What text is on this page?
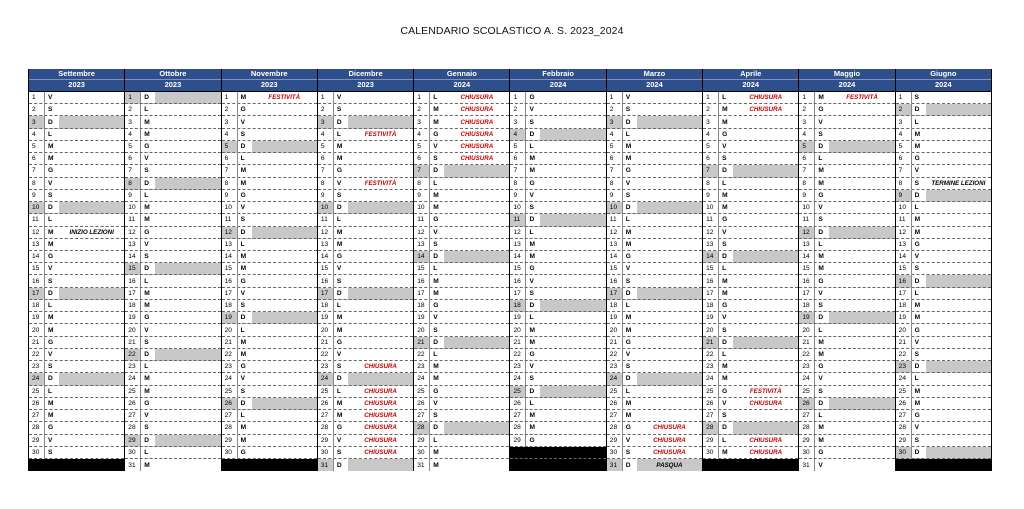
CALENDARIO SCOLASTICO A. S. 2023_2024
Settembre
2023
1	V
2	S
3	D
4	L
5	M
6	M
7	G
8	V
9	S
10	D
11	L
12	M	INIZIO LEZIONI
13	M
14	G
15	V
16	S
17	D
18	L
19	M
20	M
21	G
22	V
23	S
24	D
25	L
26	M
27	M
28	G
29	V
30	S
Ottobre
2023
1	D
2	L
3	M
4	M
5	G
6	V
7	S
8	D
9	L
10	M
11	M
12	G
13	V
14	S
15	D
16	L
17	M
18	M
19	G
20	V
21	S
22	D
23	L
24	M
25	M
26	G
27	V
28	S
29	D
30	L
31	M
Novembre
2023
1	M	FESTIVITÀ
2	G
3	V
4	S
5	D
6	L
7	M
8	M
9	G
10	V
11	S
12	D
13	L
14	M
15	M
16	G
17	V
18	S
19	D
20	L
21	M
22	M
23	G
24	V
25	S
26	D
27	L
28	M
29	M
30	G
Dicembre
2023
1	V
2	S
3	D
4	L	FESTIVITÀ
5	M
6	M
7	G
8	V	FESTIVITÀ
9	S
10	D
11	L
12	M
13	M
14	G
15	V
16	S
17	D
18	L
19	M
20	M
21	G
22	V
23	S	CHIUSURA
24	D
25	L	CHIUSURA
26	M	CHIUSURA
27	M	CHIUSURA
28	G	CHIUSURA
29	V	CHIUSURA
30	S	CHIUSURA
31	D
Gennaio
2024
1	L	CHIUSURA
2	M	CHIUSURA
3	M	CHIUSURA
4	G	CHIUSURA
5	V	CHIUSURA
6	S	CHIUSURA
7	D
8	L
9	M
10	M
11	G
12	V
13	S
14	D
15	L
16	M
17	M
18	G
19	V
20	S
21	D
22	L
23	M
24	M
25	G
26	V
27	S
28	D
29	L
30	M
31	M
Febbraio
2024
1	G
2	V
3	S
4	D
5	L
6	M
7	M
8	G
9	V
10	S
11	D
12	L
13	M
14	M
15	G
16	V
17	S
18	D
19	L
20	M
21	M
22	G
23	V
24	S
25	D
26	L
27	M
28	M
29	G
Marzo
2024
1	V
2	S
3	D
4	L
5	M
6	M
7	G
8	V
9	S
10	D
11	L
12	M
13	M
14	G
15	V
16	S
17	D
18	L
19	M
20	M
21	G
22	V
23	S
24	D
25	L
26	M
27	M
28	G	CHIUSURA
29	V	CHIUSURA
30	S	CHIUSURA
31	D	PASQUA
Aprile
2024
1	L	CHIUSURA
2	M	CHIUSURA
3	M
4	G
5	V
6	S
7	D
8	L
9	M
10	M
11	G
12	V
13	S
14	D
15	L
16	M
17	M
18	G
19	V
20	S
21	D
22	L
23	M
24	M
25	G	FESTIVITÀ
26	V	CHIUSURA
27	S
28	D
29	L	CHIUSURA
30	M	CHIUSURA
Maggio
2024
1	M	FESTIVITÀ
2	G
3	V
4	S
5	D
6	L
7	M
8	M
9	G
10	V
11	S
12	D
13	L
14	M
15	M
16	G
17	V
18	S
19	D
20	L
21	M
22	M
23	G
24	V
25	S
26	D
27	L
28	M
29	M
30	G
31	V
Giugno
2024
1	S
2	D
3	L
4	M
5	M
6	G
7	V
8	S	TERMINE LEZIONI
9	D
10	L
11	M
12	M
13	G
14	V
15	S
16	D
17	L
18	M
19	M
20	G
21	V
22	S
23	D
24	L
25	M
26	M
27	G
28	V
29	S
30	D
